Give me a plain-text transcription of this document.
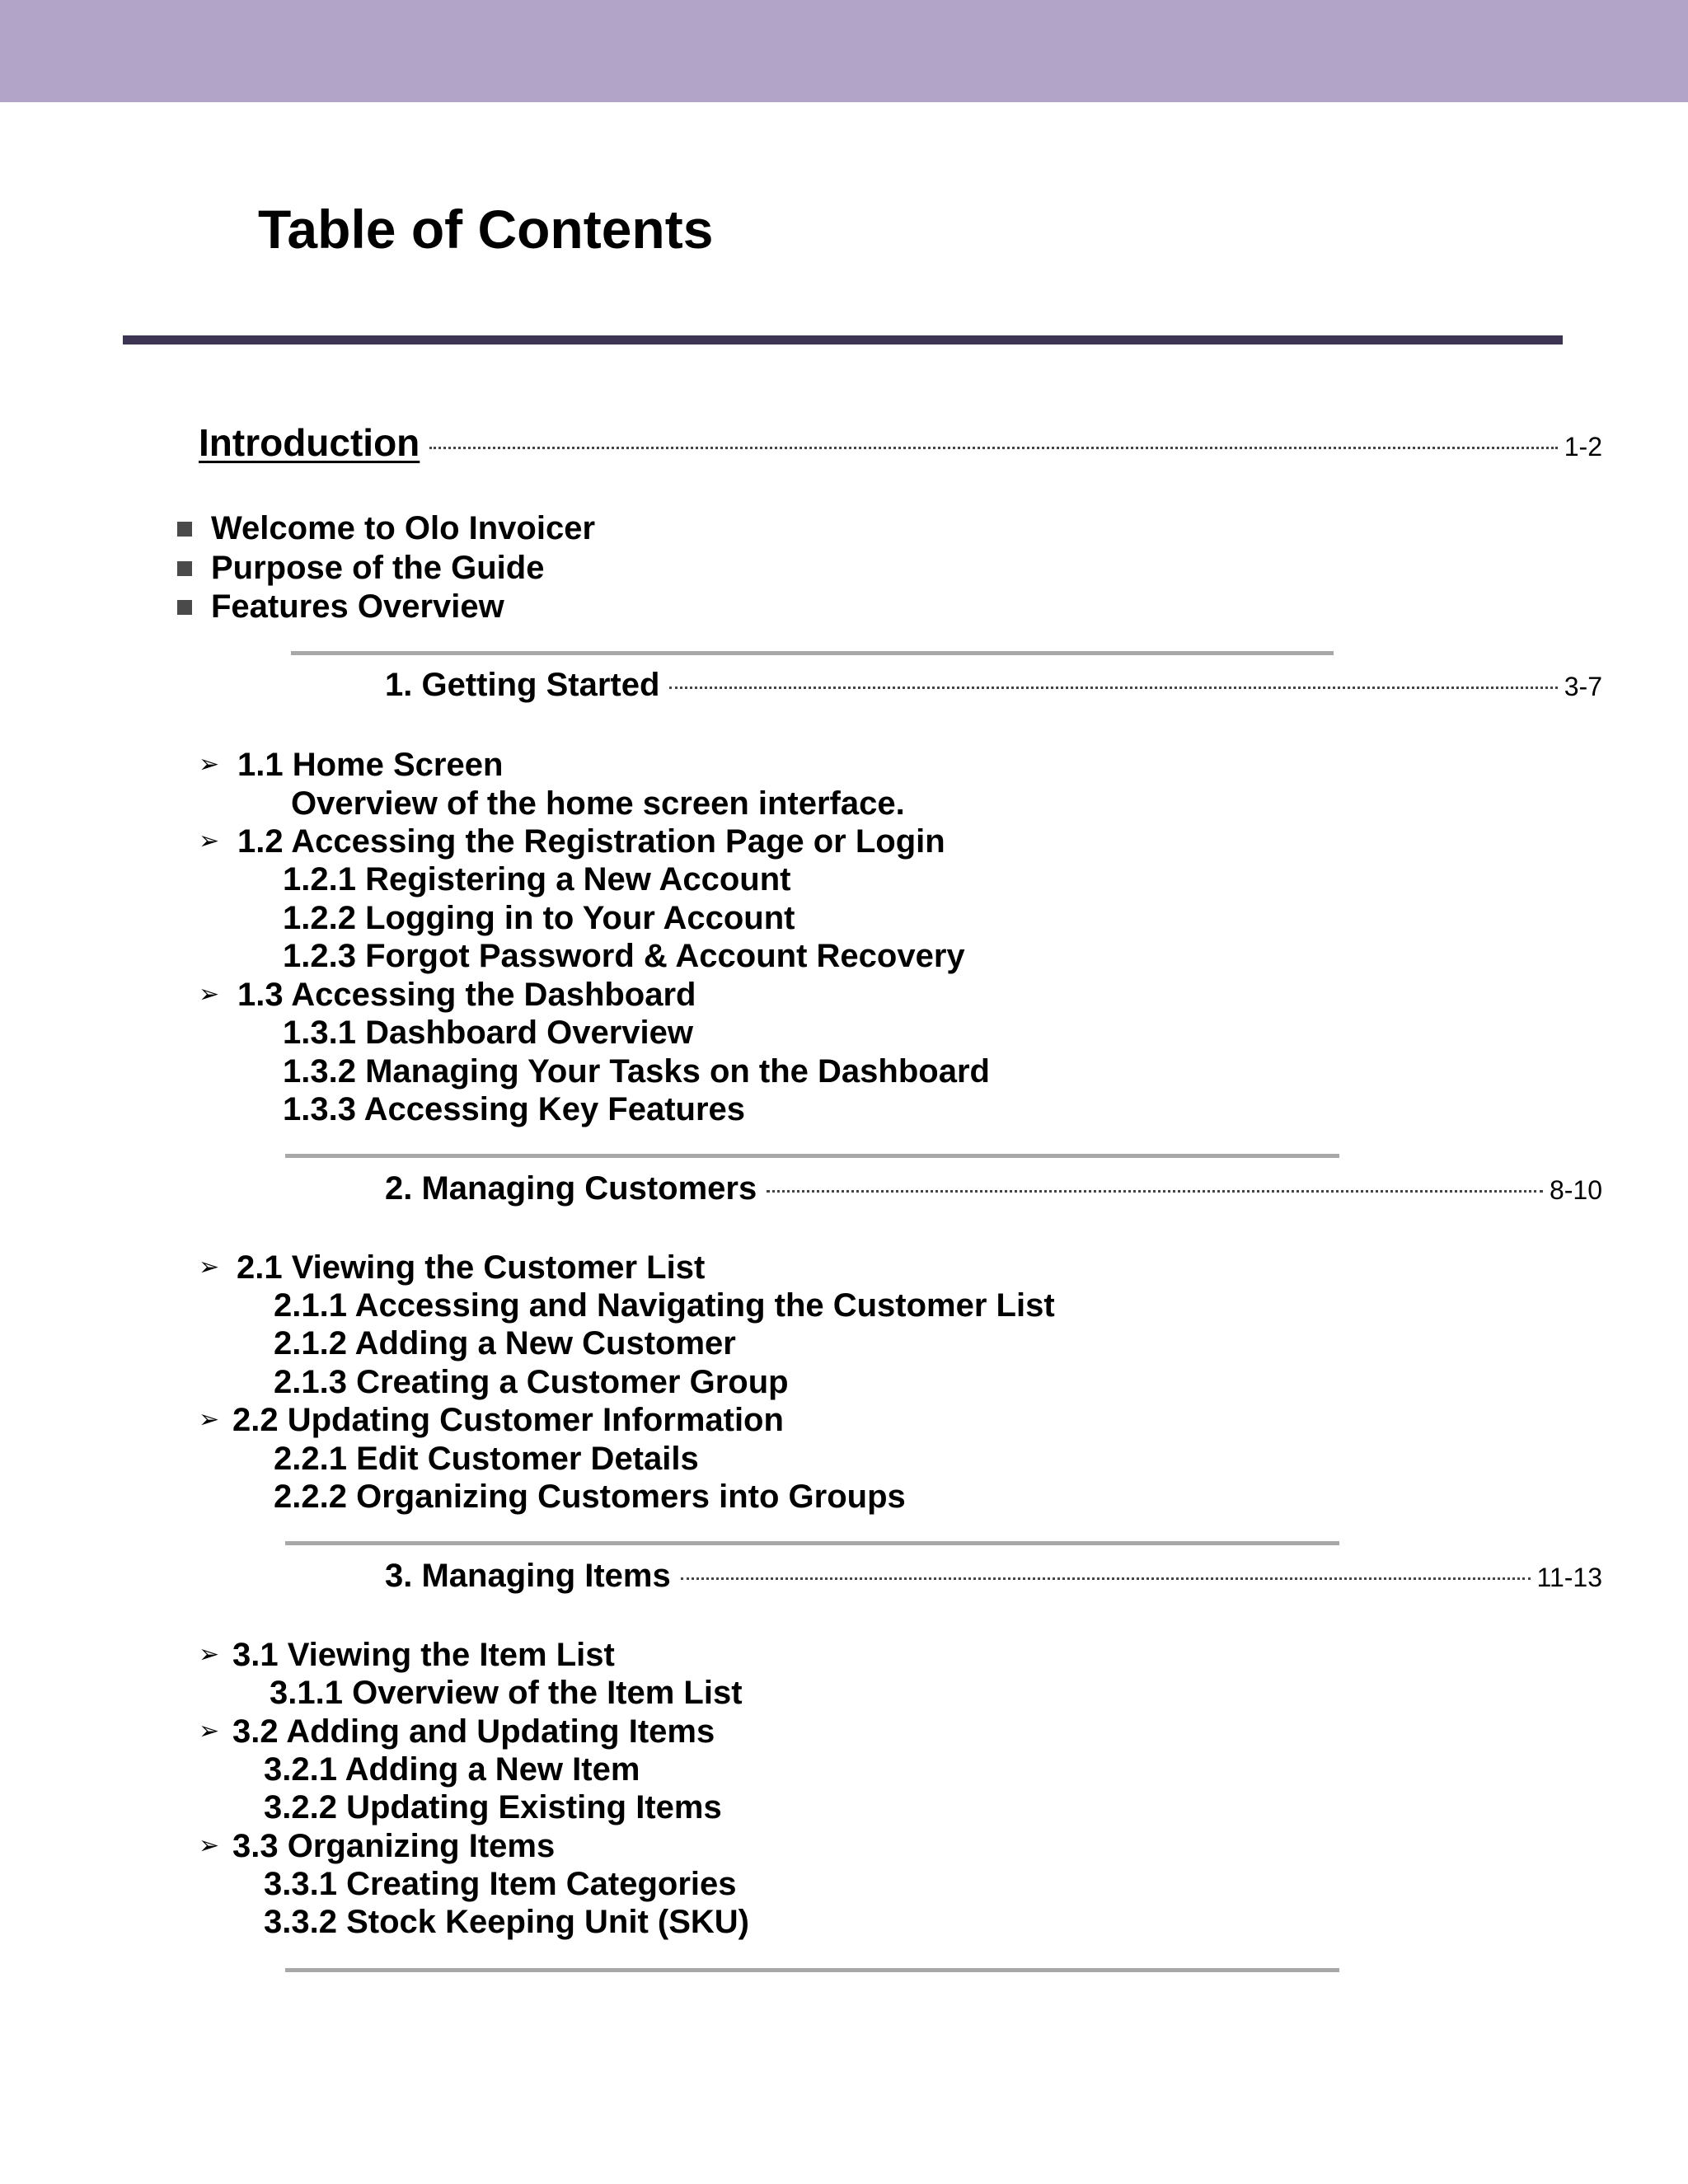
Table of Contents
Introduction	1-2
Welcome to Olo Invoicer
Purpose of the Guide
Features Overview
1. Getting Started	3-7
➢ 1.1 Home Screen
Overview of the home screen interface.
➢ 1.2 Accessing the Registration Page or Login
1.2.1 Registering a New Account
1.2.2 Logging in to Your Account
1.2.3 Forgot Password & Account Recovery
➢ 1.3 Accessing the Dashboard
1.3.1 Dashboard Overview
1.3.2 Managing Your Tasks on the Dashboard
1.3.3 Accessing Key Features
2. Managing Customers	8-10
➢ 2.1 Viewing the Customer List
2.1.1 Accessing and Navigating the Customer List
2.1.2 Adding a New Customer
2.1.3 Creating a Customer Group
➢ 2.2 Updating Customer Information
2.2.1 Edit Customer Details
2.2.2 Organizing Customers into Groups
3. Managing Items	11-13
➢ 3.1 Viewing the Item List
3.1.1 Overview of the Item List
➢ 3.2 Adding and Updating Items
3.2.1 Adding a New Item
3.2.2 Updating Existing Items
➢ 3.3 Organizing Items
3.3.1 Creating Item Categories
3.3.2 Stock Keeping Unit (SKU)
